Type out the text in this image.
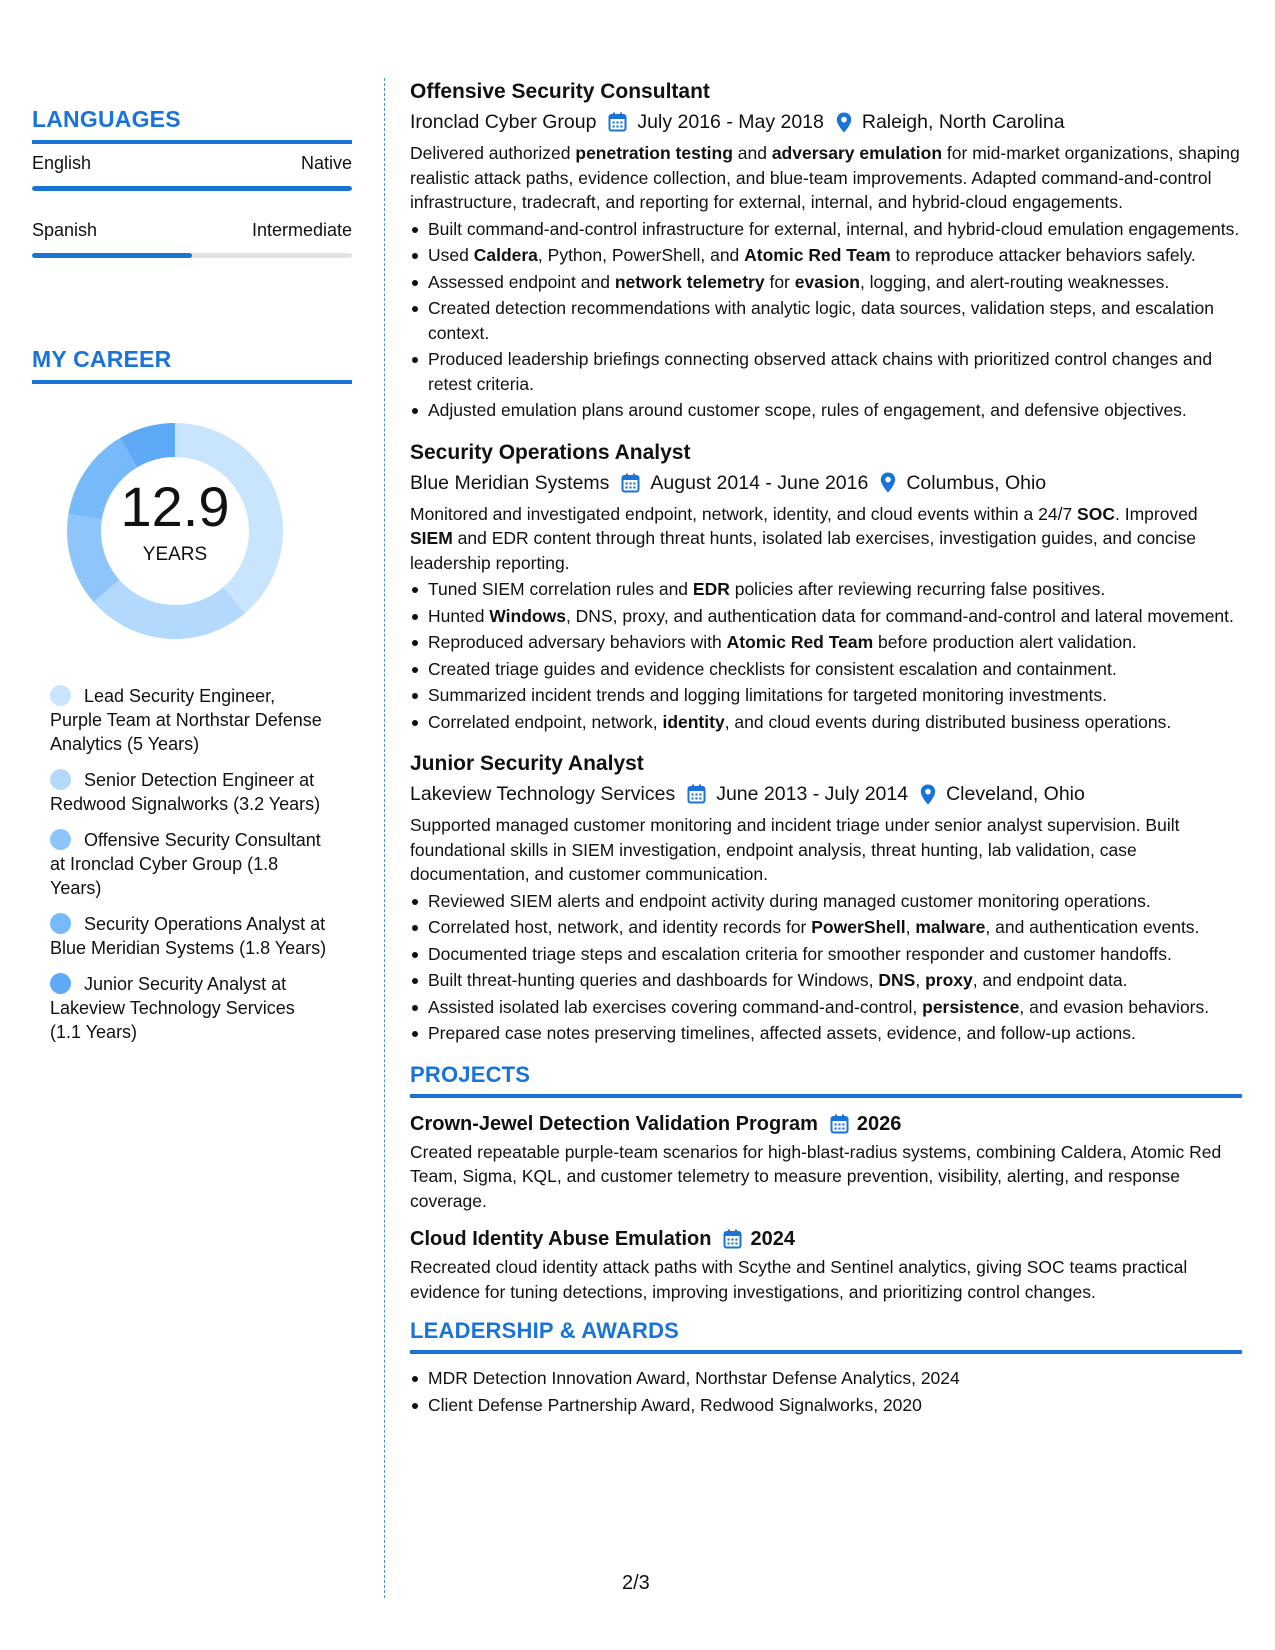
LANGUAGES
English	Native
Spanish	Intermediate
MY CAREER
12.9
YEARS
Lead Security Engineer, Purple Team at Northstar Defense Analytics (5 Years)
Senior Detection Engineer at Redwood Signalworks (3.2 Years)
Offensive Security Consultant at Ironclad Cyber Group (1.8 Years)
Security Operations Analyst at Blue Meridian Systems (1.8 Years)
Junior Security Analyst at Lakeview Technology Services (1.1 Years)
Offensive Security Consultant
Ironclad Cyber Group July 2016 - May 2018 Raleigh, North Carolina
Delivered authorized penetration testing and adversary emulation for mid-market organizations, shaping realistic attack paths, evidence collection, and blue-team improvements. Adapted command-and-control infrastructure, tradecraft, and reporting for external, internal, and hybrid-cloud engagements.
Built command-and-control infrastructure for external, internal, and hybrid-cloud emulation engagements.
Used Caldera, Python, PowerShell, and Atomic Red Team to reproduce attacker behaviors safely.
Assessed endpoint and network telemetry for evasion, logging, and alert-routing weaknesses.
Created detection recommendations with analytic logic, data sources, validation steps, and escalation context.
Produced leadership briefings connecting observed attack chains with prioritized control changes and retest criteria.
Adjusted emulation plans around customer scope, rules of engagement, and defensive objectives.
Security Operations Analyst
Blue Meridian Systems August 2014 - June 2016 Columbus, Ohio
Monitored and investigated endpoint, network, identity, and cloud events within a 24/7 SOC. Improved SIEM and EDR content through threat hunts, isolated lab exercises, investigation guides, and concise leadership reporting.
Tuned SIEM correlation rules and EDR policies after reviewing recurring false positives.
Hunted Windows, DNS, proxy, and authentication data for command-and-control and lateral movement.
Reproduced adversary behaviors with Atomic Red Team before production alert validation.
Created triage guides and evidence checklists for consistent escalation and containment.
Summarized incident trends and logging limitations for targeted monitoring investments.
Correlated endpoint, network, identity, and cloud events during distributed business operations.
Junior Security Analyst
Lakeview Technology Services June 2013 - July 2014 Cleveland, Ohio
Supported managed customer monitoring and incident triage under senior analyst supervision. Built foundational skills in SIEM investigation, endpoint analysis, threat hunting, lab validation, case documentation, and customer communication.
Reviewed SIEM alerts and endpoint activity during managed customer monitoring operations.
Correlated host, network, and identity records for PowerShell, malware, and authentication events.
Documented triage steps and escalation criteria for smoother responder and customer handoffs.
Built threat-hunting queries and dashboards for Windows, DNS, proxy, and endpoint data.
Assisted isolated lab exercises covering command-and-control, persistence, and evasion behaviors.
Prepared case notes preserving timelines, affected assets, evidence, and follow-up actions.
PROJECTS
Crown-Jewel Detection Validation Program 2026
Created repeatable purple-team scenarios for high-blast-radius systems, combining Caldera, Atomic Red Team, Sigma, KQL, and customer telemetry to measure prevention, visibility, alerting, and response coverage.
Cloud Identity Abuse Emulation 2024
Recreated cloud identity attack paths with Scythe and Sentinel analytics, giving SOC teams practical evidence for tuning detections, improving investigations, and prioritizing control changes.
LEADERSHIP & AWARDS
MDR Detection Innovation Award, Northstar Defense Analytics, 2024
Client Defense Partnership Award, Redwood Signalworks, 2020
2/3
